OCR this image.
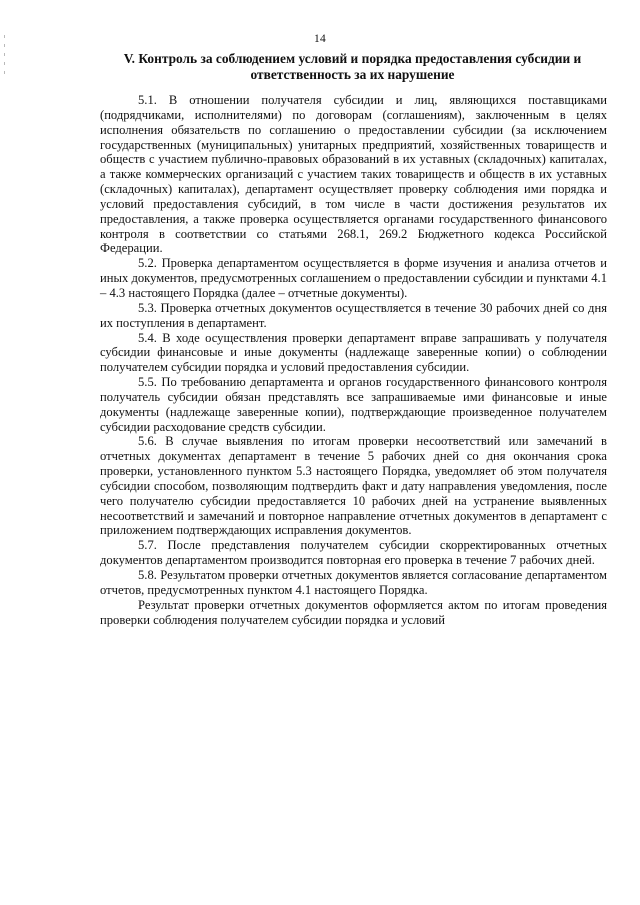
14
V. Контроль за соблюдением условий и порядка предоставления субсидии и ответственность за их нарушение

5.1. В отношении получателя субсидии и лиц, являющихся поставщиками (подрядчиками, исполнителями) по договорам (соглашениям), заключенным в целях исполнения обязательств по соглашению о предоставлении субсидии (за исключением государственных (муниципальных) унитарных предприятий, хозяйственных товариществ и обществ с участием публично-правовых образований в их уставных (складочных) капиталах, а также коммерческих организаций с участием таких товариществ и обществ в их уставных (складочных) капиталах), департамент осуществляет проверку соблюдения ими порядка и условий предоставления субсидий, в том числе в части достижения результатов их предоставления, а также проверка осуществляется органами государственного финансового контроля в соответствии со статьями 268.1, 269.2 Бюджетного кодекса Российской Федерации.

5.2. Проверка департаментом осуществляется в форме изучения и анализа отчетов и иных документов, предусмотренных соглашением о предоставлении субсидии и пунктами 4.1 – 4.3 настоящего Порядка (далее – отчетные документы).

5.3. Проверка отчетных документов осуществляется в течение 30 рабочих дней со дня их поступления в департамент.

5.4. В ходе осуществления проверки департамент вправе запрашивать у получателя субсидии финансовые и иные документы (надлежаще заверенные копии) о соблюдении получателем субсидии порядка и условий предоставления субсидии.

5.5. По требованию департамента и органов государственного финансового контроля получатель субсидии обязан представлять все запрашиваемые ими финансовые и иные документы (надлежаще заверенные копии), подтверждающие произведенное получателем субсидии расходование средств субсидии.

5.6. В случае выявления по итогам проверки несоответствий или замечаний в отчетных документах департамент в течение 5 рабочих дней со дня окончания срока проверки, установленного пунктом 5.3 настоящего Порядка, уведомляет об этом получателя субсидии способом, позволяющим подтвердить факт и дату направления уведомления, после чего получателю субсидии предоставляется 10 рабочих дней на устранение выявленных несоответствий и замечаний и повторное направление отчетных документов в департамент с приложением подтверждающих исправления документов.

5.7. После представления получателем субсидии скорректированных отчетных документов департаментом производится повторная его проверка в течение 7 рабочих дней.

5.8. Результатом проверки отчетных документов является согласование департаментом отчетов, предусмотренных пунктом 4.1 настоящего Порядка.

Результат проверки отчетных документов оформляется актом по итогам проведения проверки соблюдения получателем субсидии порядка и условий
